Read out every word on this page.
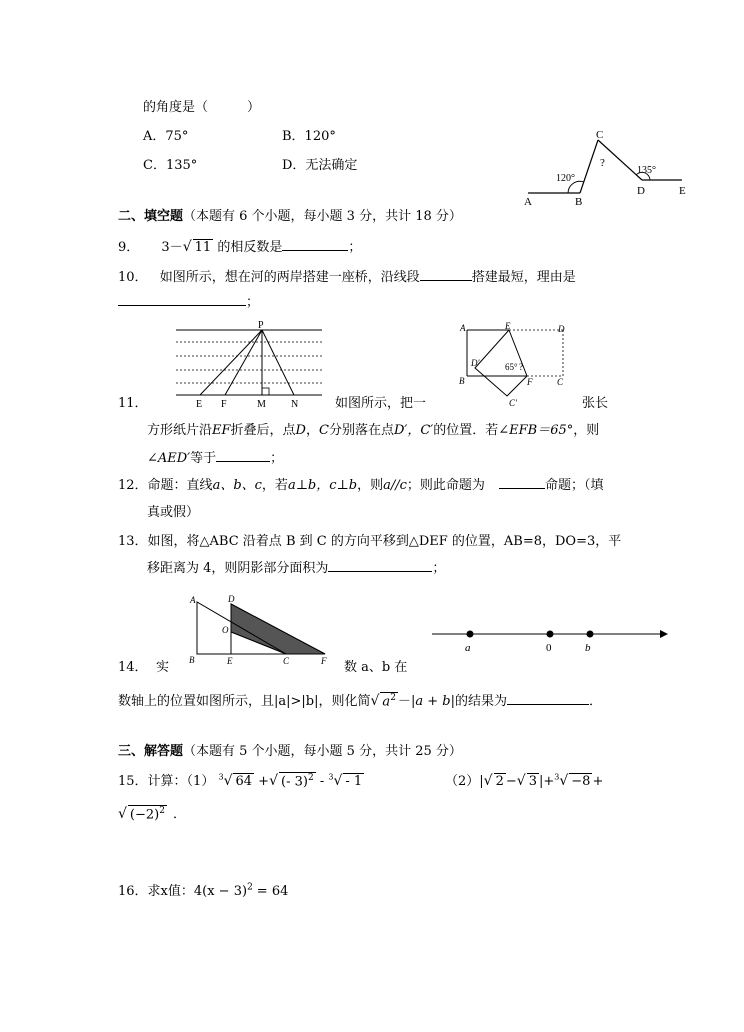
的角度是（　　　）
A．75°	B．120°
C．135°	D．无法确定
A	B
C
D	E
120°
135°
?
二、填空题（本题有 6 个小题，每小题 3 分，共计 18 分）
9． 3－√ 11 的相反数是	；
10． 如图所示，想在河的两岸搭建一座桥，沿线段	搭建最短，理由是
；
P
E F	M	N
A	E	D
D'	65° ?
B	F	C
C'
11．	如图所示，把一	张长
方形纸片沿EF折叠后，点D，C分别落在点D′，C′的位置．若∠EFB＝65°，则
∠AED′等于	；
12．命题：直线a、b、c，若a⊥b，c⊥b，则a//c；则此命题为	命题；（填
真或假）
13．如图，将△ABC 沿着点 B 到 C 的方向平移到△DEF 的位置，AB=8，DO=3，平
移距离为 4，则阴影部分面积为	；
A	D
O
B	E	C	F
a	0	b
14． 实	数 a、b 在
数轴上的位置如图所示，且|a|>|b|，则化简√ $a^2 -|a + b|$的结果为	．
三、解答题（本题有 5 个小题，每小题 5 分，共计 25 分）
15．计算：（1） $^3$√ 64 +√ (- 3)$^2$ - $^3$√ - 1	（2）|√ 2 −√ 3 |+$^3$√ −8 +
√ $(-2)^2$ ．
16．求x值：$4(x - 3)^2 = 64$
